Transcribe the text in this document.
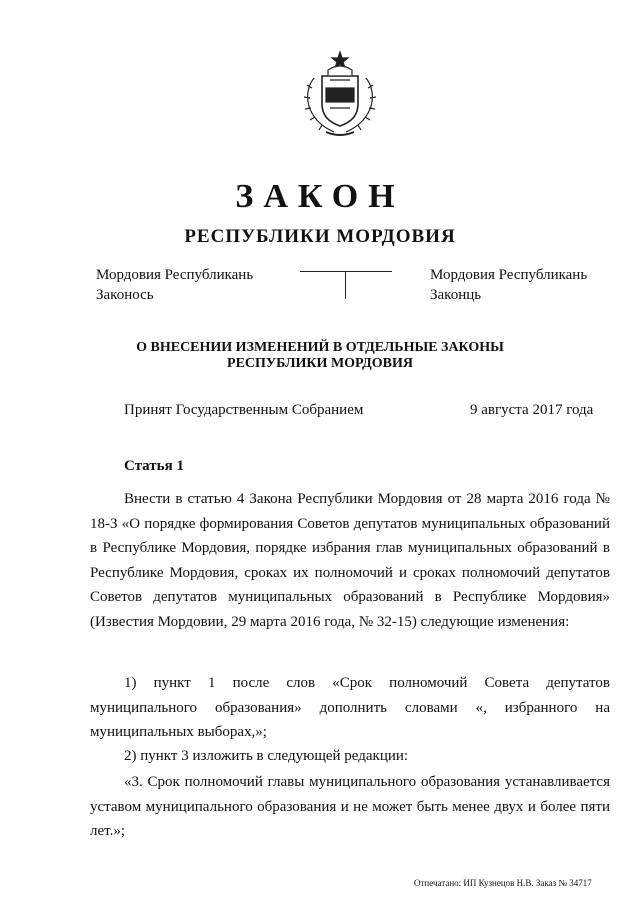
ЗАКОН
РЕСПУБЛИКИ МОРДОВИЯ
Мордовия Республикань
Законось
Мордовия Республикань
Законць
О ВНЕСЕНИИ ИЗМЕНЕНИЙ В ОТДЕЛЬНЫЕ ЗАКОНЫ
РЕСПУБЛИКИ МОРДОВИЯ
Принят Государственным Собранием	9 августа 2017 года
Статья 1

Внести в статью 4 Закона Республики Мордовия от 28 марта 2016 года № 18-З «О порядке формирования Советов депутатов муниципальных образований в Республике Мордовия, порядке избрания глав муниципальных образований в Республике Мордовия, сроках их полномочий и сроках полномочий депутатов Советов депутатов муниципальных образований в Республике Мордовия» (Известия Мордовии, 29 марта 2016 года, № 32-15) следующие изменения:

1) пункт 1 после слов «Срок полномочий Совета депутатов муниципального образования» дополнить словами «, избранного на муниципальных выборах,»;

2) пункт 3 изложить в следующей редакции:

«3. Срок полномочий главы муниципального образования устанавливается уставом муниципального образования и не может быть менее двух и более пяти лет.»;

Отпечатано: ИП Кузнецов Н.В. Заказ № 34717
